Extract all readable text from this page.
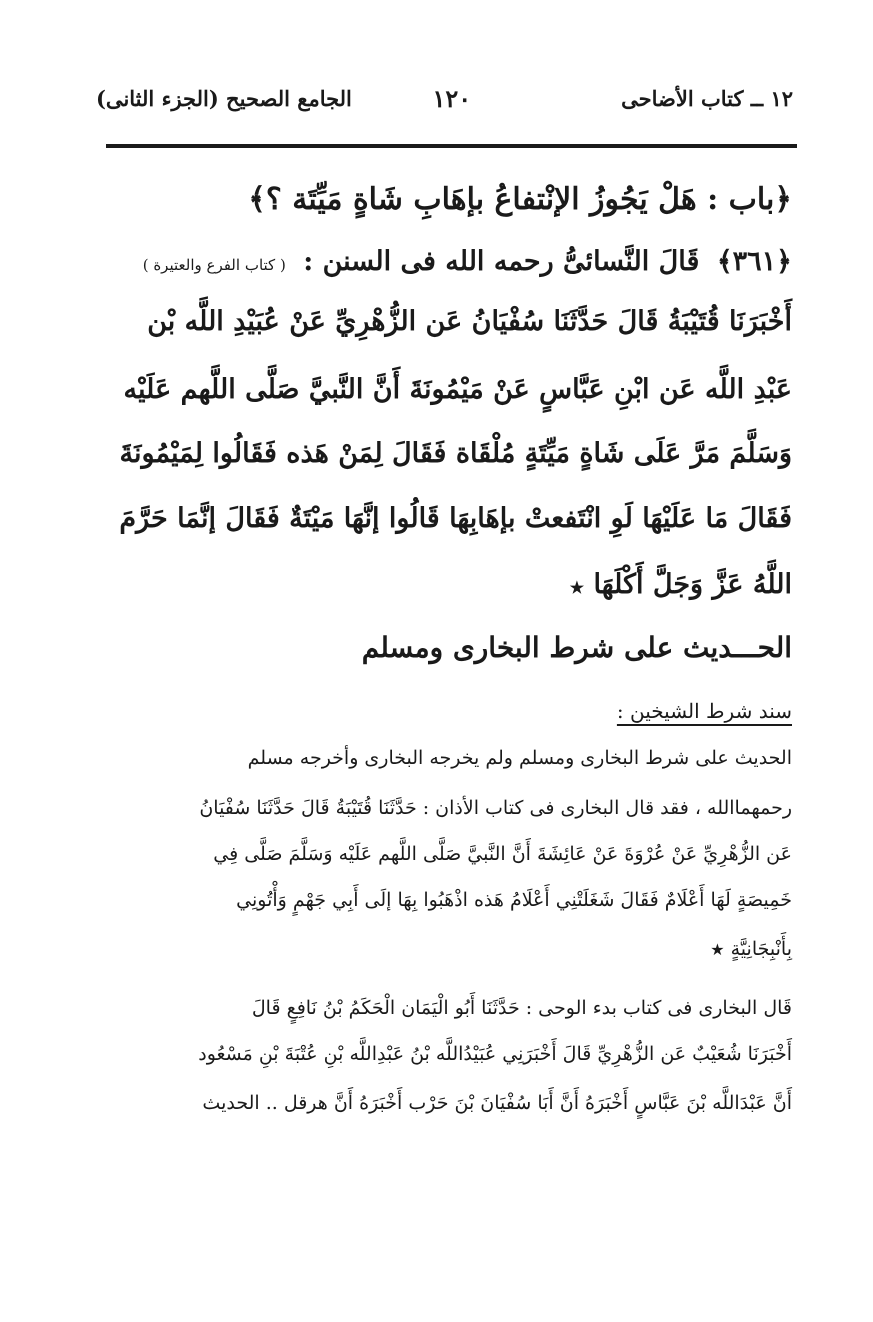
١٢ ــ كتاب الأضاحى
١٢٠
الجامع الصحيح (الجزء الثانى)
﴿باب : هَلْ يَجُوزُ الإنْتفاعُ بإهَابِ شَاةٍ مَيِّتَة ؟﴾
﴿٣٦١﴾ قَالَ النَّسائىُّ رحمه الله فى السنن : ( كتاب الفرع والعتيرة )
أَخْبَرَنَا قُتَيْبَةُ قَالَ حَدَّثَنَا سُفْيَانُ عَن الزُّهْرِيِّ عَنْ عُبَيْدِ اللَّه بْن
عَبْدِ اللَّه عَن ابْنِ عَبَّاسٍ عَنْ مَيْمُونَةَ أَنَّ النَّبيَّ صَلَّى اللَّهم عَلَيْه
وَسَلَّمَ مَرَّ عَلَى شَاةٍ مَيِّتَةٍ مُلْقَاة فَقَالَ لِمَنْ هَذه فَقَالُوا لِمَيْمُونَةَ
فَقَالَ مَا عَلَيْهَا لَوِ انْتَفعتْ بإهَابِهَا قَالُوا إنَّهَا مَيْتَةٌ فَقَالَ إنَّمَا حَرَّمَ
اللَّهُ عَزَّ وَجَلَّ أَكْلَهَا ★
الحـــديث على شرط البخارى ومسلم
سند شرط الشيخين :
الحديث على شرط البخارى ومسلم ولم يخرجه البخارى وأخرجه مسلم
رحمهماالله ، فقد قال البخارى فى كتاب الأذان : حَدَّثَنَا قُتَيْبَةُ قَالَ حَدَّثَنَا سُفْيَانُ
عَن الزُّهْرِيِّ عَنْ عُرْوَةَ عَنْ عَائِشَةَ أَنَّ النَّبيَّ صَلَّى اللَّهم عَلَيْه وَسَلَّمَ صَلَّى فِي
خَمِيصَةٍ لَهَا أَعْلَامٌ فَقَالَ شَغَلَتْنِي أَعْلَامُ هَذه اذْهَبُوا بِهَا إلَى أَبِي جَهْمٍ وَأْتُونِي
بِأَنْبِجَانِيَّةٍ ★
قَال البخارى فى كتاب بدء الوحى : حَدَّثَنَا أَبُو الْيَمَان الْحَكَمُ بْنُ نَافِعٍ قَالَ
أَخْبَرَنَا شُعَيْبٌ عَن الزُّهْرِيِّ قَالَ أَخْبَرَنِي عُبَيْدُاللَّه بْنُ عَبْدِاللَّه بْنِ عُتْبَةَ بْنِ مَسْعُود
أَنَّ عَبْدَاللَّه بْنَ عَبَّاسٍ أَخْبَرَهُ أَنَّ أَبَا سُفْيَانَ بْنَ حَرْب أَخْبَرَهُ أَنَّ هرقل .. الحديث
